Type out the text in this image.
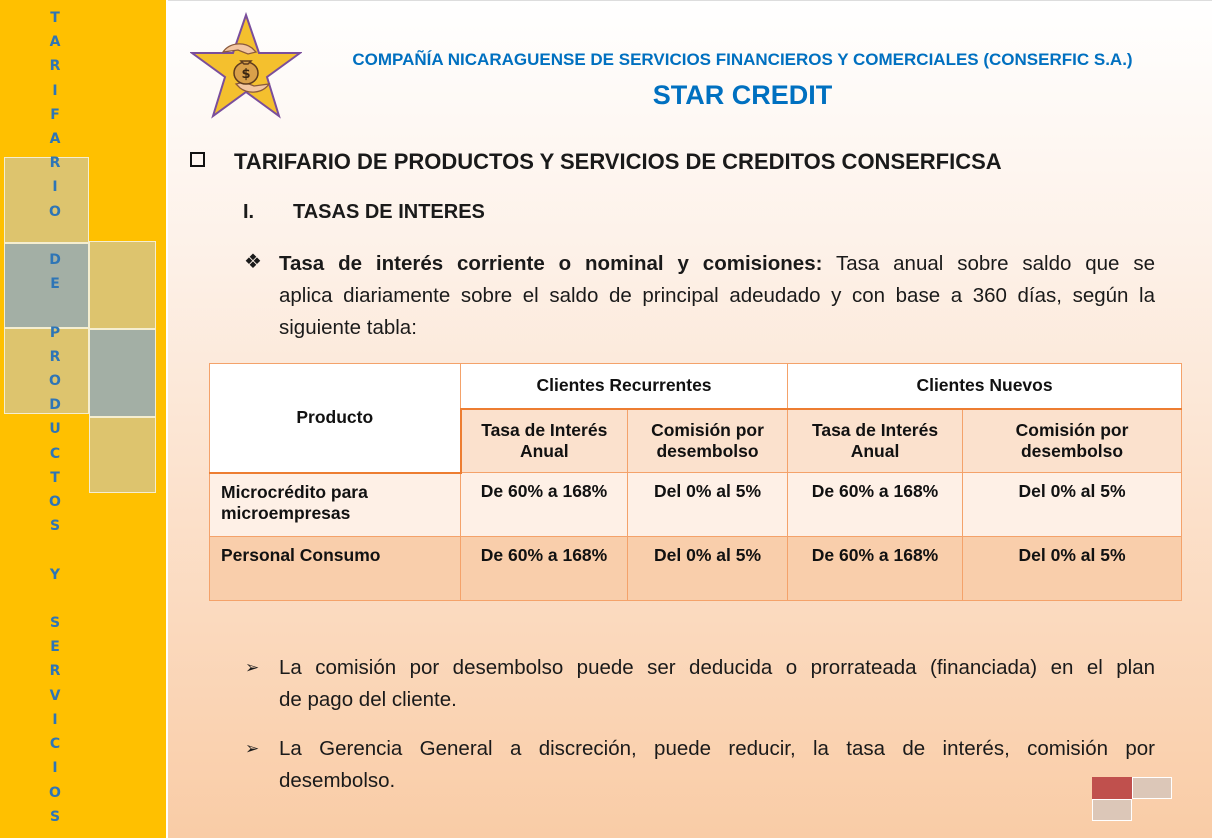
T
A
R
I
F
A
R
I
O

D
E

P
R
O
D
U
C
T
O
S

Y

S
E
R
V
I
C
I
O
S
$
COMPAÑÍA NICARAGUENSE DE SERVICIOS FINANCIEROS Y COMERCIALES (CONSERFIC S.A.)
STAR CREDIT
TARIFARIO DE PRODUCTOS Y SERVICIOS DE CREDITOS CONSERFICSA
I. TASAS DE INTERES
❖ Tasa de interés corriente o nominal y comisiones: Tasa anual sobre saldo que se
aplica diariamente sobre el saldo de principal adeudado y con base a 360 días, según la siguiente tabla:
Producto	Clientes Recurrentes		Clientes Nuevos	
	Tasa de Interés Anual	Comisión por desembolso	Tasa de Interés Anual	Comisión por desembolso
Microcrédito para microempresas	De 60% a 168%	Del 0% al 5%	De 60% a 168%	Del 0% al 5%
Personal Consumo	De 60% a 168%	Del 0% al 5%	De 60% a 168%	Del 0% al 5%
➢ La comisión por desembolso puede ser deducida o prorrateada (financiada) en el plan
de pago del cliente.
➢ La Gerencia General a discreción, puede reducir, la tasa de interés, comisión por
desembolso.
